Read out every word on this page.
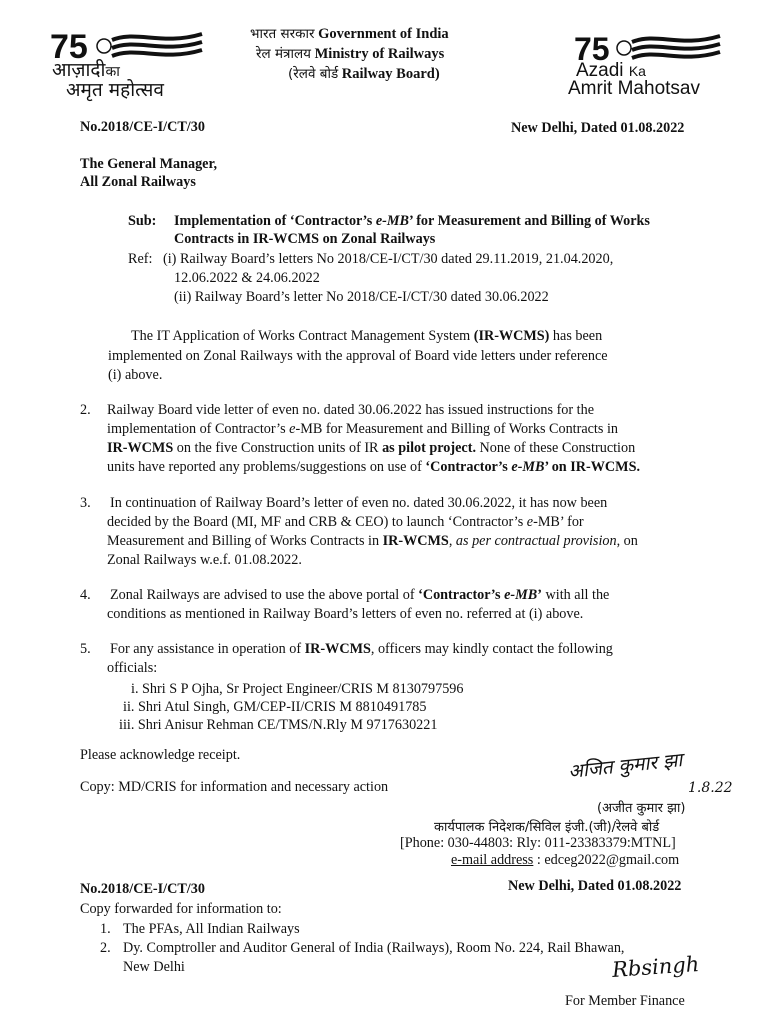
75
आज़ादीका
अमृत महोत्सव
भारत सरकार Government of India
रेल मंत्रालय Ministry of Railways
(रेलवे बोर्ड Railway Board)
75
Azadi Ka
Amrit Mahotsav
No.2018/CE-I/CT/30	New Delhi, Dated 01.08.2022
The General Manager,
All Zonal Railways
Sub: Implementation of ‘Contractor’s e-MB’ for Measurement and Billing of Works
Contracts in IR-WCMS on Zonal Railways
Ref: (i) Railway Board’s letters No 2018/CE-I/CT/30 dated 29.11.2019, 21.04.2020,
12.06.2022 & 24.06.2022
(ii) Railway Board’s letter No 2018/CE-I/CT/30 dated 30.06.2022
The IT Application of Works Contract Management System (IR-WCMS) has been
implemented on Zonal Railways with the approval of Board vide letters under reference
(i) above.
2. Railway Board vide letter of even no. dated 30.06.2022 has issued instructions for the
implementation of Contractor’s e-MB for Measurement and Billing of Works Contracts in
IR-WCMS on the five Construction units of IR as pilot project. None of these Construction
units have reported any problems/suggestions on use of ‘Contractor’s e-MB’ on IR-WCMS.
3. In continuation of Railway Board’s letter of even no. dated 30.06.2022, it has now been
decided by the Board (MI, MF and CRB & CEO) to launch ‘Contractor’s e-MB’ for
Measurement and Billing of Works Contracts in IR-WCMS, as per contractual provision, on
Zonal Railways w.e.f. 01.08.2022.
4. Zonal Railways are advised to use the above portal of ‘Contractor’s e-MB’ with all the
conditions as mentioned in Railway Board’s letters of even no. referred at (i) above.
5. For any assistance in operation of IR-WCMS, officers may kindly contact the following
officials:
i. Shri S P Ojha, Sr Project Engineer/CRIS M 8130797596
ii. Shri Atul Singh, GM/CEP-II/CRIS M 8810491785
iii. Shri Anisur Rehman CE/TMS/N.Rly M 9717630221
Please acknowledge receipt.
Copy: MD/CRIS for information and necessary action
अजित कुमार झा
1.8.22
(अजीत कुमार झा)
कार्यपालक निदेशक/सिविल इंजी.(जी)/रेलवे बोर्ड
[Phone: 030-44803: Rly: 011-23383379:MTNL]
e-mail address : edceg2022@gmail.com
No.2018/CE-I/CT/30	New Delhi, Dated 01.08.2022
Copy forwarded for information to:
1. The PFAs, All Indian Railways
2. Dy. Comptroller and Auditor General of India (Railways), Room No. 224, Rail Bhawan,
New Delhi	Rbsingh
For Member Finance
